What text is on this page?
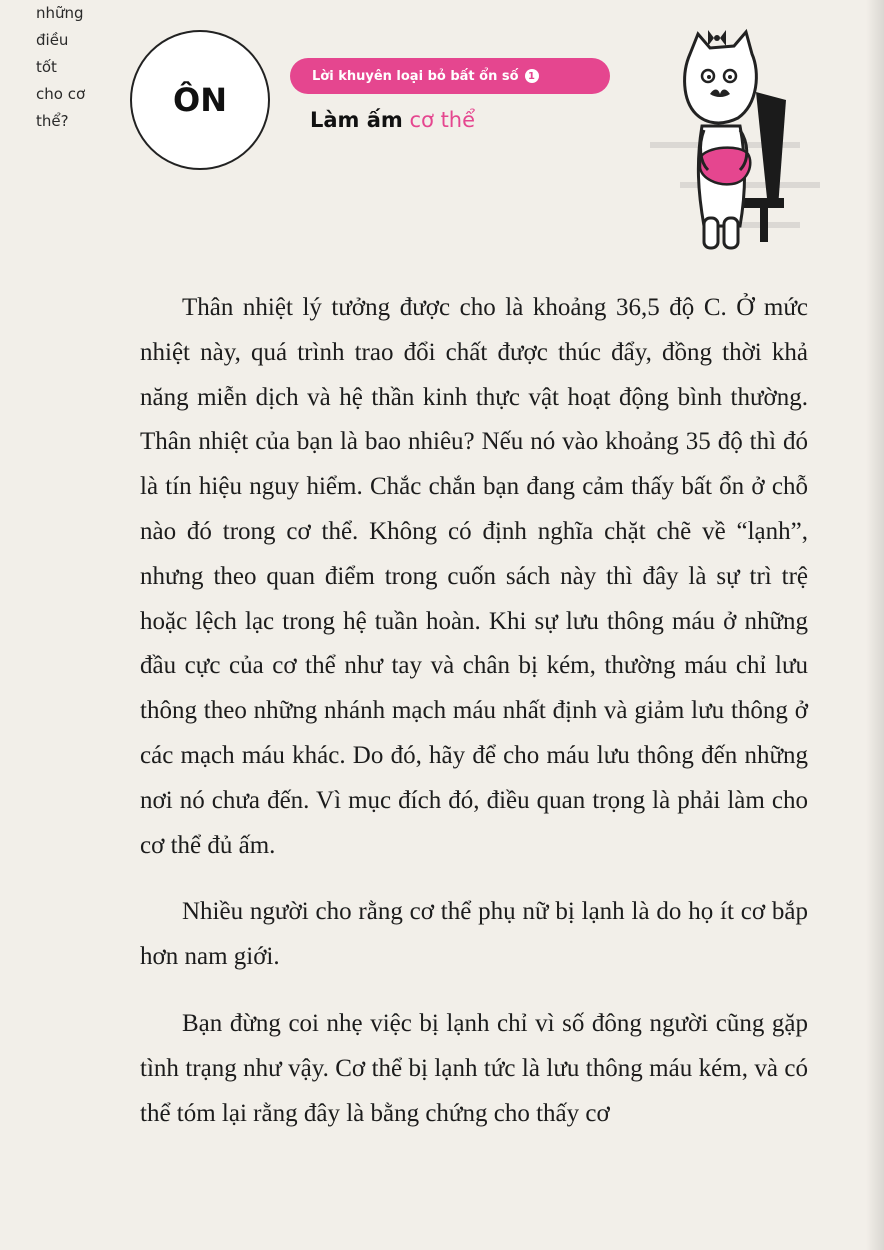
những
điều
tốt
cho cơ
thể?
ÔN
Lời khuyên loại bỏ bất ổn số 1
Làm ấm cơ thể

Thân nhiệt lý tưởng được cho là khoảng 36,5 độ C. Ở mức nhiệt này, quá trình trao đổi chất được thúc đẩy, đồng thời khả năng miễn dịch và hệ thần kinh thực vật hoạt động bình thường. Thân nhiệt của bạn là bao nhiêu? Nếu nó vào khoảng 35 độ thì đó là tín hiệu nguy hiểm. Chắc chắn bạn đang cảm thấy bất ổn ở chỗ nào đó trong cơ thể. Không có định nghĩa chặt chẽ về “lạnh”, nhưng theo quan điểm trong cuốn sách này thì đây là sự trì trệ hoặc lệch lạc trong hệ tuần hoàn. Khi sự lưu thông máu ở những đầu cực của cơ thể như tay và chân bị kém, thường máu chỉ lưu thông theo những nhánh mạch máu nhất định và giảm lưu thông ở các mạch máu khác. Do đó, hãy để cho máu lưu thông đến những nơi nó chưa đến. Vì mục đích đó, điều quan trọng là phải làm cho cơ thể đủ ấm.

Nhiều người cho rằng cơ thể phụ nữ bị lạnh là do họ ít cơ bắp hơn nam giới.

Bạn đừng coi nhẹ việc bị lạnh chỉ vì số đông người cũng gặp tình trạng như vậy. Cơ thể bị lạnh tức là lưu thông máu kém, và có thể tóm lại rằng đây là bằng chứng cho thấy cơ
